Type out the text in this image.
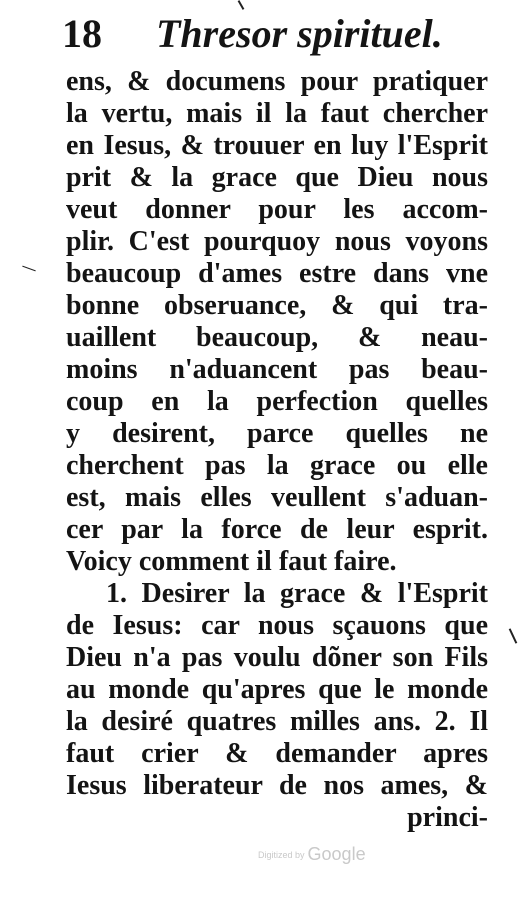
18 Thresor spirituel.
ens, & documens pour pratiquer
la vertu, mais il la faut chercher
en Iesus, & trouuer en luy l'Esprit
prit & la grace que Dieu nous
veut donner pour les accom-
plir. C'est pourquoy nous voyons
beaucoup d'ames estre dans vne
bonne obseruance, & qui tra-
uaillent beaucoup, & neau-
moins n'aduancent pas beau-
coup en la perfection quelles
y desirent, parce quelles ne
cherchent pas la grace ou elle
est, mais elles veullent s'aduan-
cer par la force de leur esprit.
Voicy comment il faut faire.
1. Desirer la grace & l'Esprit
de Iesus: car nous sçauons que
Dieu n'a pas voulu dõner son Fils
au monde qu'apres que le monde
la desiré quatres milles ans. 2. Il
faut crier & demander apres
Iesus liberateur de nos ames, &
princi-
Digitized by Google
